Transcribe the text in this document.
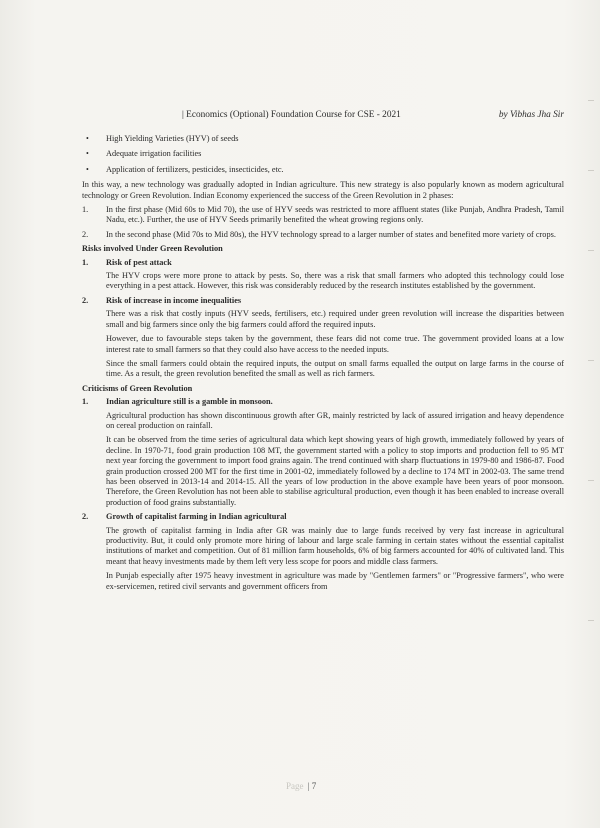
| Economics (Optional) Foundation Course for CSE - 2021	by Vibhas Jha Sir
• High Yielding Varieties (HYV) of seeds
• Adequate irrigation facilities
• Application of fertilizers, pesticides, insecticides, etc.

In this way, a new technology was gradually adopted in Indian agriculture. This new strategy is also popularly known as modern agricultural technology or Green Revolution. Indian Economy experienced the success of the Green Revolution in 2 phases:

1. In the first phase (Mid 60s to Mid 70), the use of HYV seeds was restricted to more affluent states (like Punjab, Andhra Pradesh, Tamil Nadu, etc.). Further, the use of HYV Seeds primarily benefited the wheat growing regions only.
2. In the second phase (Mid 70s to Mid 80s), the HYV technology spread to a larger number of states and benefited more variety of crops.
Risks involved Under Green Revolution
1. Risk of pest attack

The HYV crops were more prone to attack by pests. So, there was a risk that small farmers who adopted this technology could lose everything in a pest attack. However, this risk was considerably reduced by the research institutes established by the government.

2. Risk of increase in income inequalities

There was a risk that costly inputs (HYV seeds, fertilisers, etc.) required under green revolution will increase the disparities between small and big farmers since only the big farmers could afford the required inputs.

However, due to favourable steps taken by the government, these fears did not come true. The government provided loans at a low interest rate to small farmers so that they could also have access to the needed inputs.

Since the small farmers could obtain the required inputs, the output on small farms equalled the output on large farms in the course of time. As a result, the green revolution benefited the small as well as rich farmers.

Criticisms of Green Revolution
1. Indian agriculture still is a gamble in monsoon.

Agricultural production has shown discontinuous growth after GR, mainly restricted by lack of assured irrigation and heavy dependence on cereal production on rainfall.

It can be observed from the time series of agricultural data which kept showing years of high growth, immediately followed by years of decline. In 1970-71, food grain production 108 MT, the government started with a policy to stop imports and production fell to 95 MT next year forcing the government to import food grains again. The trend continued with sharp fluctuations in 1979-80 and 1986-87. Food grain production crossed 200 MT for the first time in 2001-02, immediately followed by a decline to 174 MT in 2002-03. The same trend has been observed in 2013-14 and 2014-15. All the years of low production in the above example have been years of poor monsoon. Therefore, the Green Revolution has not been able to stabilise agricultural production, even though it has been enabled to increase overall production of food grains substantially.

2. Growth of capitalist farming in Indian agricultural

The growth of capitalist farming in India after GR was mainly due to large funds received by very fast increase in agricultural productivity. But, it could only promote more hiring of labour and large scale farming in certain states without the essential capitalist institutions of market and competition. Out of 81 million farm households, 6% of big farmers accounted for 40% of cultivated land. This meant that heavy investments made by them left very less scope for poors and middle class farmers.

In Punjab especially after 1975 heavy investment in agriculture was made by "Gentlemen farmers" or "Progressive farmers", who were ex-servicemen, retired civil servants and government officers from

Page | 7
